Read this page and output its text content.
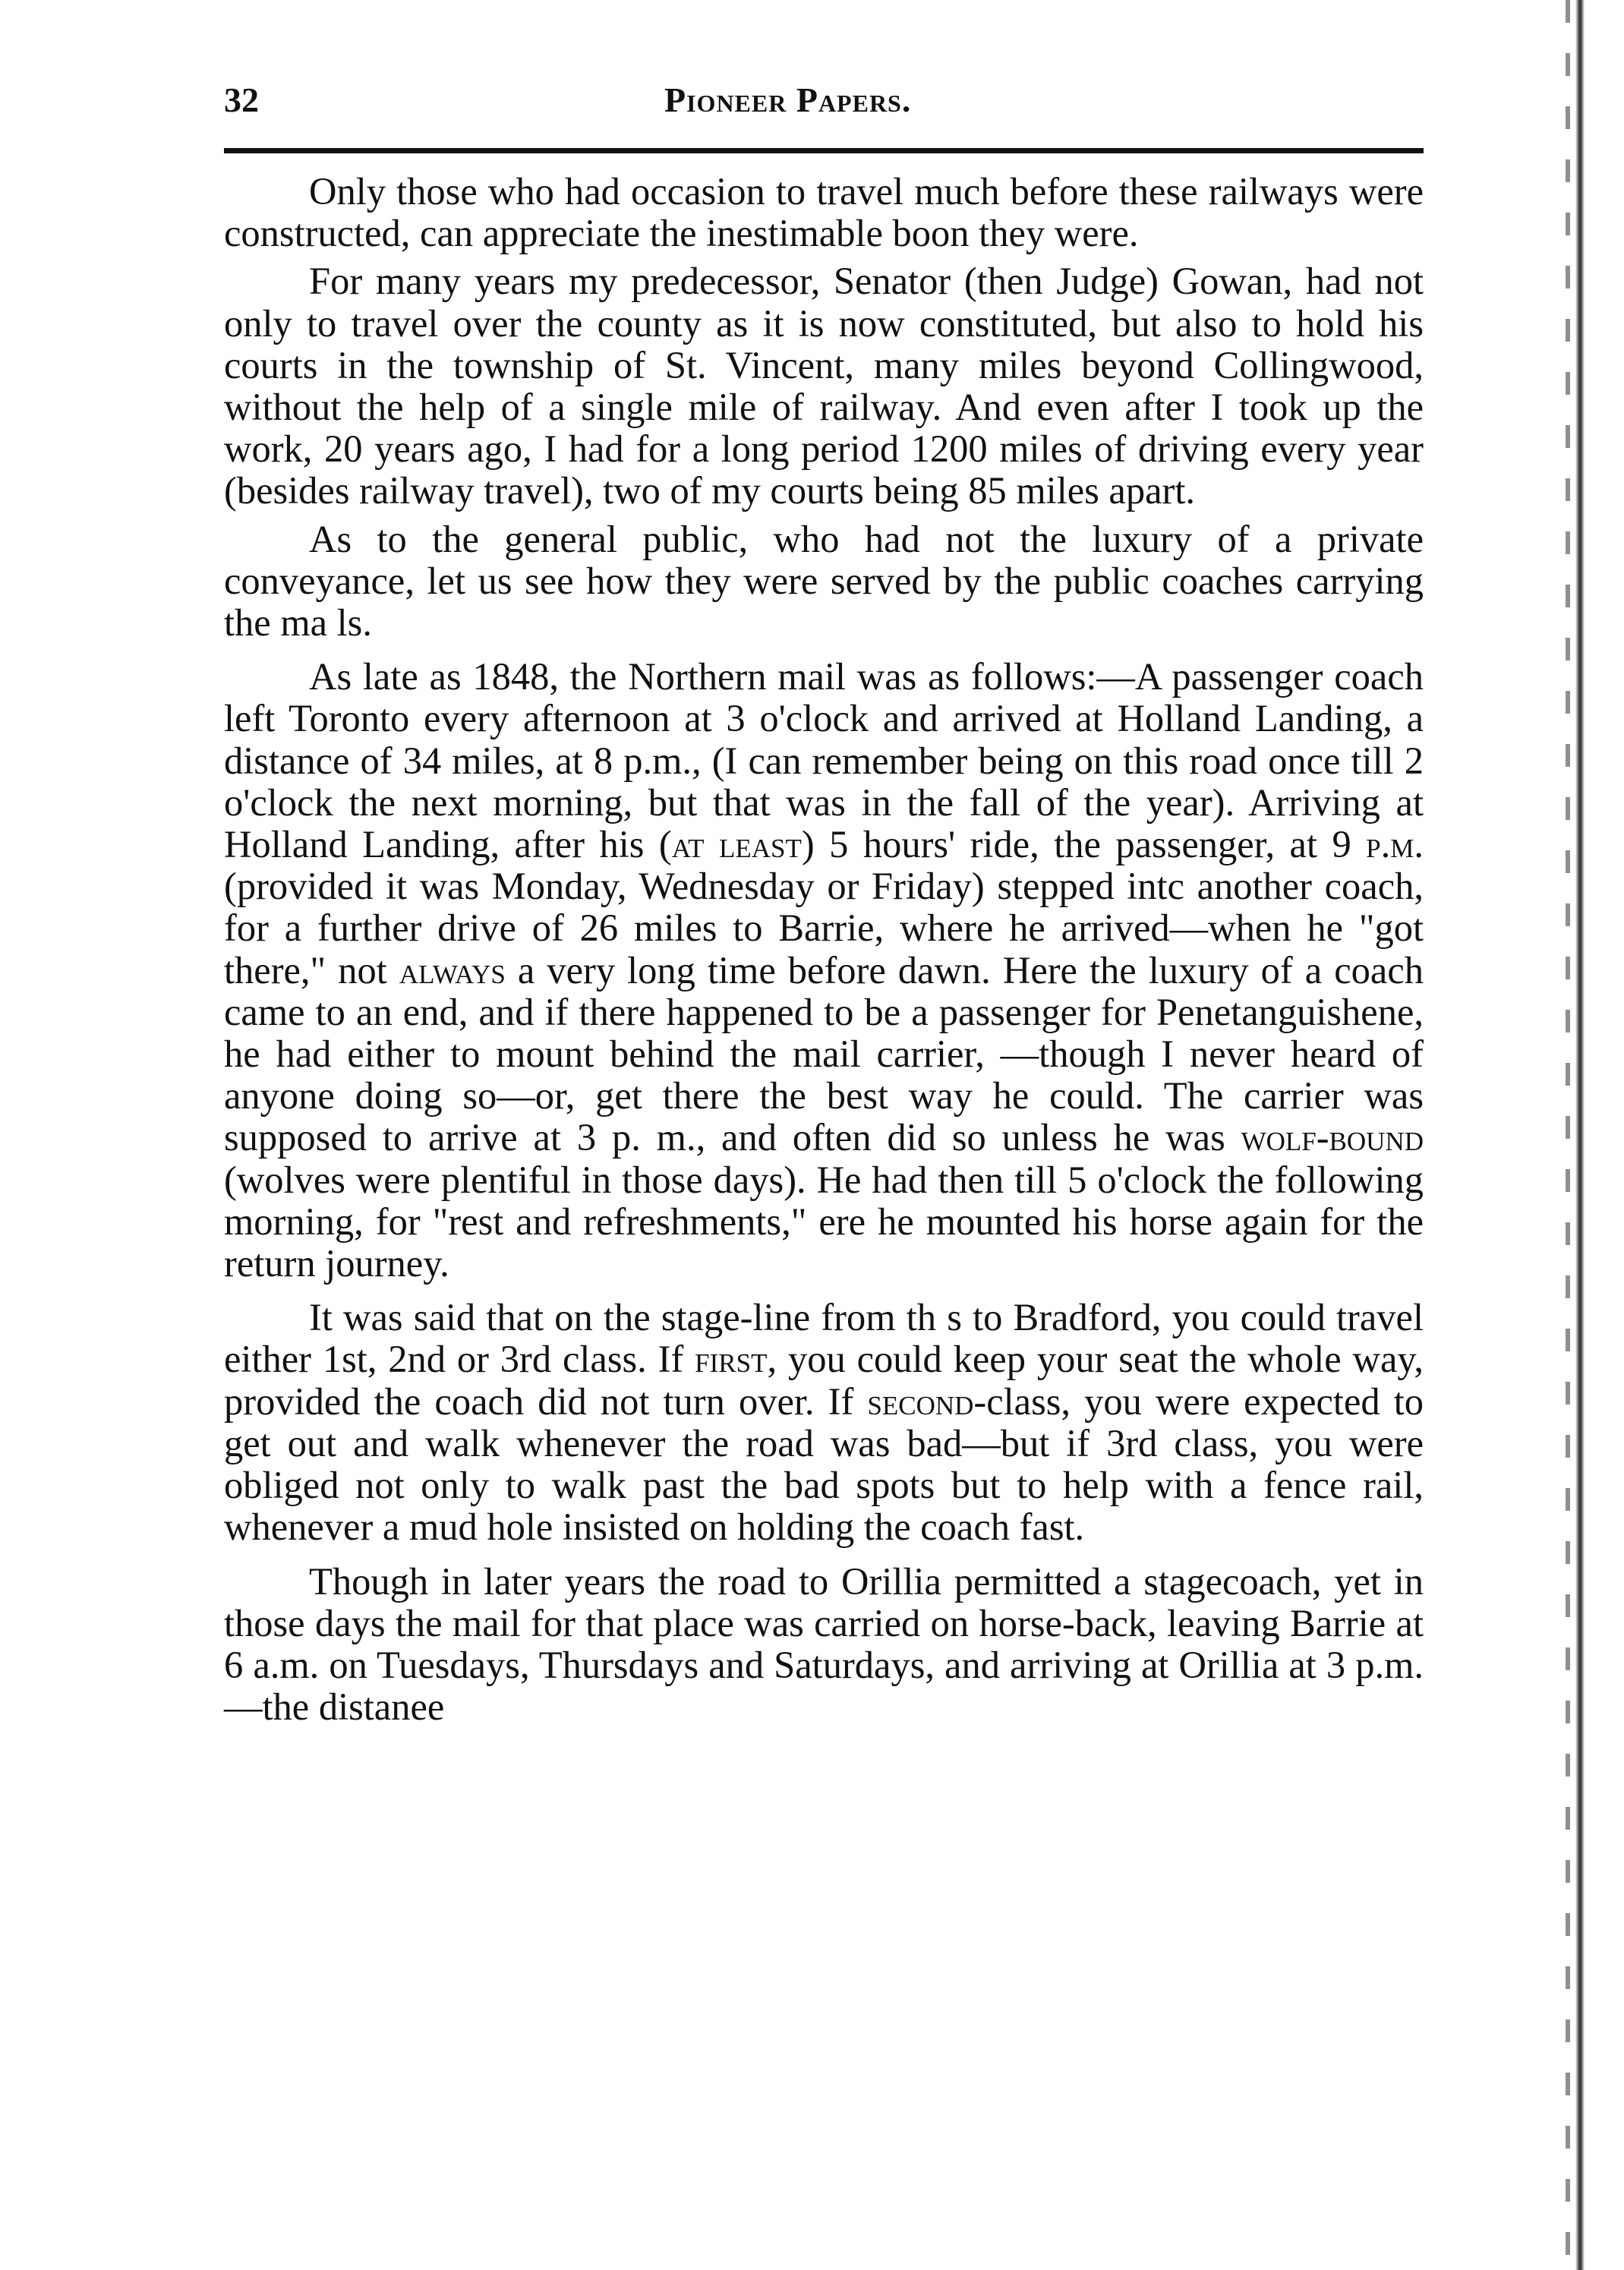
32	Pioneer Papers.

Only those who had occasion to travel much before these railways were constructed, can appreciate the inestimable boon they were.

For many years my predecessor, Senator (then Judge) Gowan, had not only to travel over the county as it is now constituted, but also to hold his courts in the township of St. Vincent, many miles beyond Collingwood, without the help of a single mile of railway. And even after I took up the work, 20 years ago, I had for a long period 1200 miles of driving every year (besides railway travel), two of my courts being 85 miles apart.

As to the general public, who had not the luxury of a private conveyance, let us see how they were served by the public coaches carrying the ma ls.

As late as 1848, the Northern mail was as follows:—A passenger coach left Toronto every afternoon at 3 o'clock and arrived at Holland Landing, a distance of 34 miles, at 8 p.m., (I can remember being on this road once till 2 o'clock the next morning, but that was in the fall of the year). Arriving at Holland Landing, after his (at least) 5 hours' ride, the passenger, at 9 p.m. (provided it was Monday, Wednesday or Friday) stepped intc another coach, for a further drive of 26 miles to Barrie, where he arrived—when he "got there," not always a very long time before dawn. Here the luxury of a coach came to an end, and if there happened to be a passenger for Penetanguishene, he had either to mount behind the mail carrier, —though I never heard of anyone doing so—or, get there the best way he could. The carrier was supposed to arrive at 3 p. m., and often did so unless he was wolf-bound (wolves were plentiful in those days). He had then till 5 o'clock the following morning, for "rest and refreshments," ere he mounted his horse again for the return journey.

It was said that on the stage-line from th s to Bradford, you could travel either 1st, 2nd or 3rd class. If first, you could keep your seat the whole way, provided the coach did not turn over. If second-class, you were expected to get out and walk whenever the road was bad—but if 3rd class, you were obliged not only to walk past the bad spots but to help with a fence rail, whenever a mud hole insisted on holding the coach fast.

Though in later years the road to Orillia permitted a stagecoach, yet in those days the mail for that place was carried on horse-back, leaving Barrie at 6 a.m. on Tuesdays, Thursdays and Saturdays, and arriving at Orillia at 3 p.m.—the distanee
